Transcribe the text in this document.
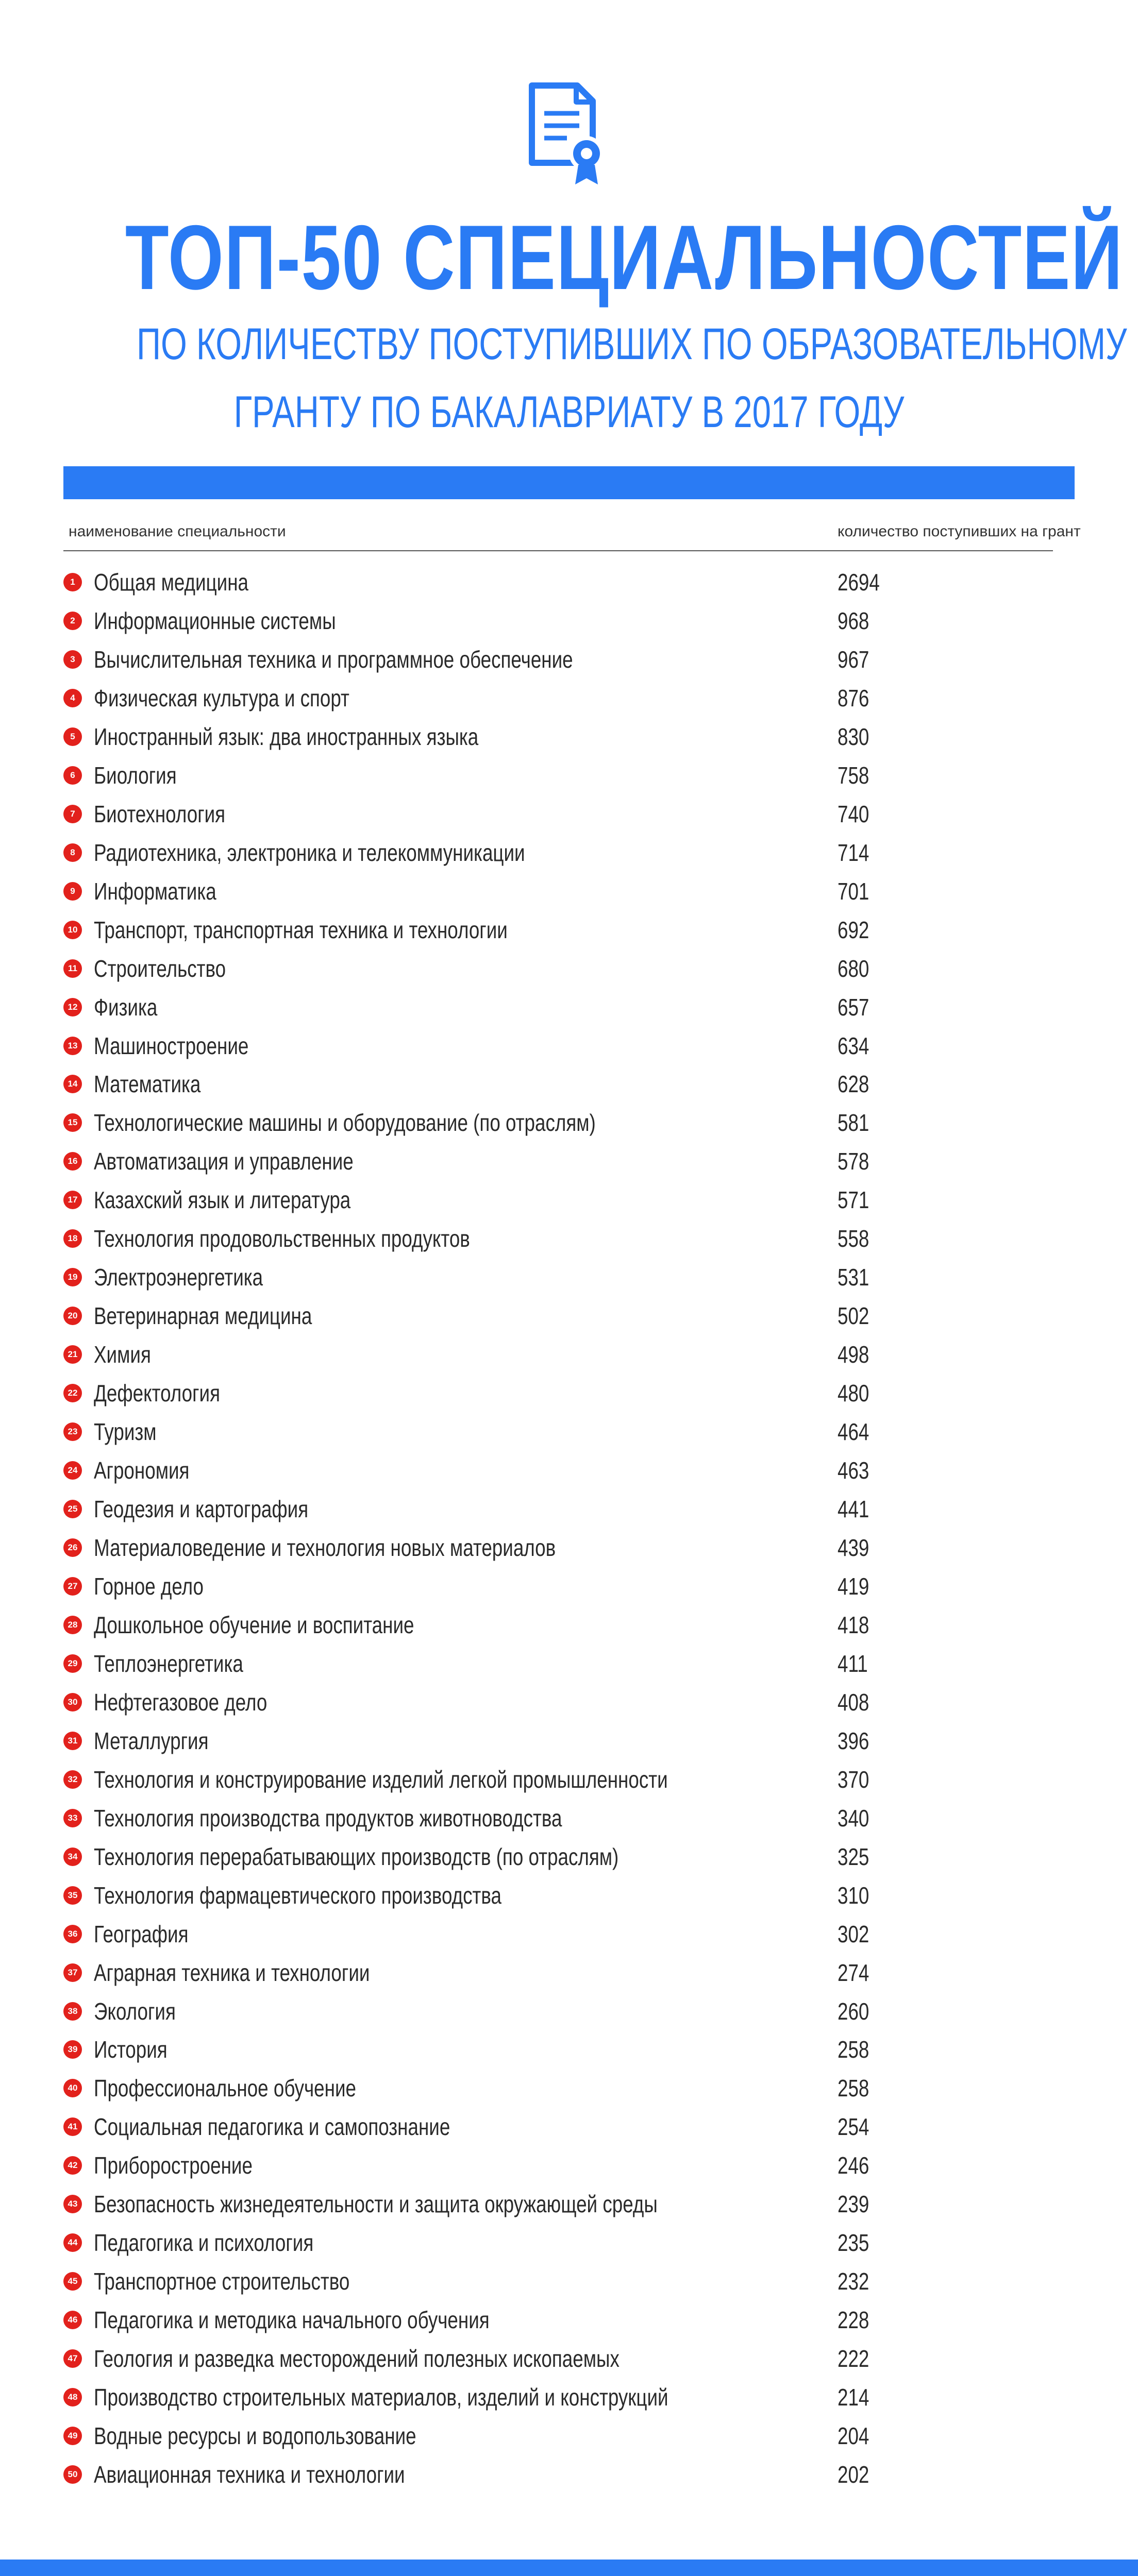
ТОП-50 СПЕЦИАЛЬНОСТЕЙ
ПО КОЛИЧЕСТВУ ПОСТУПИВШИХ ПО ОБРАЗОВАТЕЛЬНОМУ
ГРАНТУ ПО БАКАЛАВРИАТУ В 2017 ГОДУ
наименование специальности	количество поступивших на грант
1 Общая медицина	2694
2 Информационные системы	968
3 Вычислительная техника и программное обеспечение	967
4 Физическая культура и спорт	876
5 Иностранный язык: два иностранных языка	830
6 Биология	758
7 Биотехнология	740
8 Радиотехника, электроника и телекоммуникации	714
9 Информатика	701
10 Транспорт, транспортная техника и технологии	692
11 Строительство	680
12 Физика	657
13 Машиностроение	634
14 Математика	628
15 Технологические машины и оборудование (по отраслям)	581
16 Автоматизация и управление	578
17 Казахский язык и литература	571
18 Технология продовольственных продуктов	558
19 Электроэнергетика	531
20 Ветеринарная медицина	502
21 Химия	498
22 Дефектология	480
23 Туризм	464
24 Агрономия	463
25 Геодезия и картография	441
26 Материаловедение и технология новых материалов	439
27 Горное дело	419
28 Дошкольное обучение и воспитание	418
29 Теплоэнергетика	411
30 Нефтегазовое дело	408
31 Металлургия	396
32 Технология и конструирование изделий легкой промышленности	370
33 Технология производства продуктов животноводства	340
34 Технология перерабатывающих производств (по отраслям)	325
35 Технология фармацевтического производства	310
36 География	302
37 Аграрная техника и технологии	274
38 Экология	260
39 История	258
40 Профессиональное обучение	258
41 Социальная педагогика и самопознание	254
42 Приборостроение	246
43 Безопасность жизнедеятельности и защита окружающей среды	239
44 Педагогика и психология	235
45 Транспортное строительство	232
46 Педагогика и методика начального обучения	228
47 Геология и разведка месторождений полезных ископаемых	222
48 Производство строительных материалов, изделий и конструкций	214
49 Водные ресурсы и водопользование	204
50 Авиационная техника и технологии	202
